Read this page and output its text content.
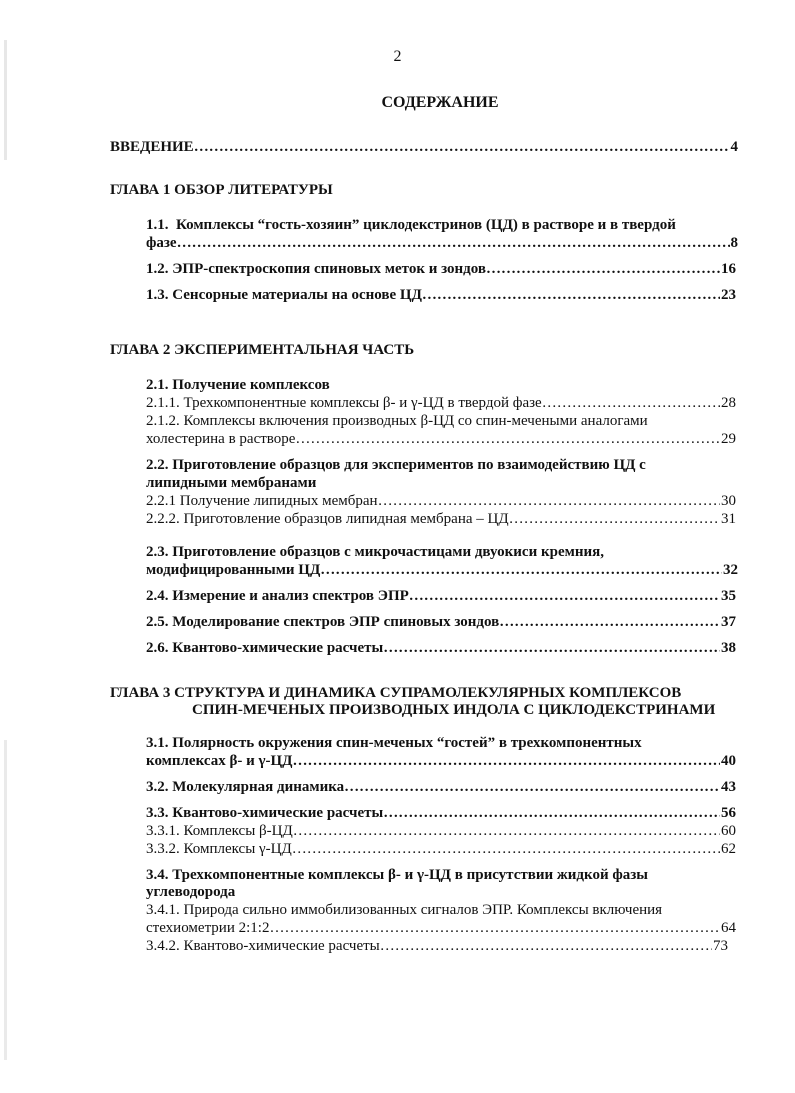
2
СОДЕРЖАНИЕ
ВВЕДЕНИЕ ……………………………………………………………………………………………………………………………………………………………………………	4
ГЛАВА 1 ОБЗОР ЛИТЕРАТУРЫ
1.1. Комплексы “гость-хозяин” циклодекстринов (ЦД) в растворе и в твердой
фазе ……………………………………………………………………………………………………………………………………………………………………………	8
1.2. ЭПР-спектроскопия спиновых меток и зондов ……………………………………………………………………………………………………………………………………………………………………………	16
1.3. Сенсорные материалы на основе ЦД ……………………………………………………………………………………………………………………………………………………………………………	23
ГЛАВА 2 ЭКСПЕРИМЕНТАЛЬНАЯ ЧАСТЬ
2.1. Получение комплексов
2.1.1. Трехкомпонентные комплексы β- и γ-ЦД в твердой фазе ……………………………………………………………………………………………………………………………………………………………………………	28
2.1.2. Комплексы включения производных β-ЦД со спин-мечеными аналогами
холестерина в растворе ……………………………………………………………………………………………………………………………………………………………………………	29
2.2. Приготовление образцов для экспериментов по взаимодействию ЦД с
липидными мембранами
2.2.1 Получение липидных мембран ……………………………………………………………………………………………………………………………………………………………………………	30
2.2.2. Приготовление образцов липидная мембрана – ЦД ……………………………………………………………………………………………………………………………………………………………………………	31
2.3. Приготовление образцов с микрочастицами двуокиси кремния,
модифицированными ЦД ……………………………………………………………………………………………………………………………………………………………………………	32
2.4. Измерение и анализ спектров ЭПР ……………………………………………………………………………………………………………………………………………………………………………	35
2.5. Моделирование спектров ЭПР спиновых зондов ……………………………………………………………………………………………………………………………………………………………………………	37
2.6. Квантово-химические расчеты ……………………………………………………………………………………………………………………………………………………………………………	38
ГЛАВА 3 СТРУКТУРА И ДИНАМИКА СУПРАМОЛЕКУЛЯРНЫХ КОМПЛЕКСОВ
СПИН-МЕЧЕНЫХ ПРОИЗВОДНЫХ ИНДОЛА С ЦИКЛОДЕКСТРИНАМИ
3.1. Полярность окружения спин-меченых “гостей” в трехкомпонентных
комплексах β- и γ-ЦД ……………………………………………………………………………………………………………………………………………………………………………	40
3.2. Молекулярная динамика ……………………………………………………………………………………………………………………………………………………………………………	43
3.3. Квантово-химические расчеты ……………………………………………………………………………………………………………………………………………………………………………	56
3.3.1. Комплексы β-ЦД ……………………………………………………………………………………………………………………………………………………………………………	60
3.3.2. Комплексы γ-ЦД ……………………………………………………………………………………………………………………………………………………………………………	62
3.4. Трехкомпонентные комплексы β- и γ-ЦД в присутствии жидкой фазы
углеводорода
3.4.1. Природа сильно иммобилизованных сигналов ЭПР. Комплексы включения
стехиометрии 2:1:2 ……………………………………………………………………………………………………………………………………………………………………………	64
3.4.2. Квантово-химические расчеты ……………………………………………………………………………………………………………………………………………………………………………	73
